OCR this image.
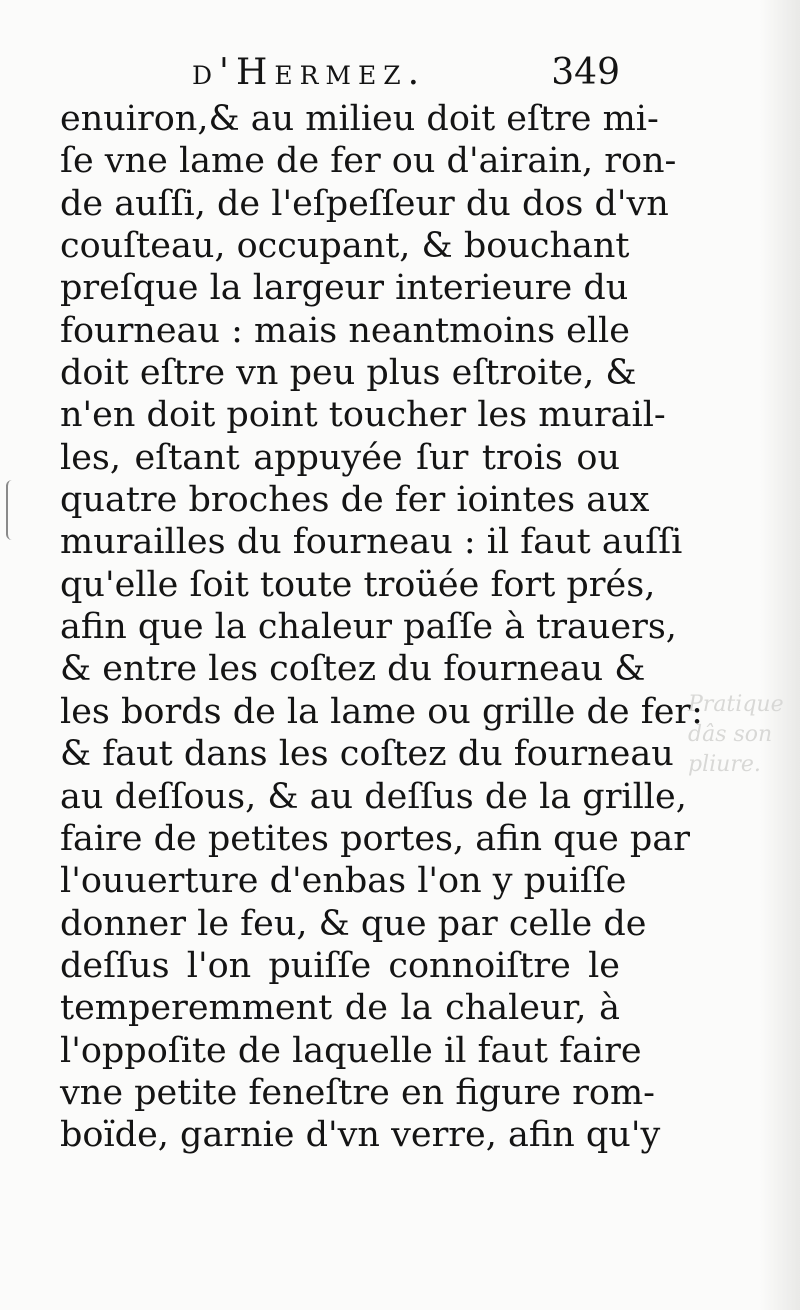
d'Hermez.	349
enuiron,& au milieu doit eſtre mi-
ſe vne lame de fer ou d'airain, ron-
de auſſi, de l'eſpeſſeur du dos d'vn
couſteau, occupant, & bouchant
preſque la largeur interieure du
fourneau : mais neantmoins elle
doit eſtre vn peu plus eſtroite, &
n'en doit point toucher les murail-
les, eſtant appuyée ſur trois ou
quatre broches de fer iointes aux
murailles du fourneau : il faut auſſi
qu'elle ſoit toute troüée fort prés,
afin que la chaleur paſſe à trauers,
& entre les coſtez du fourneau &
les bords de la lame ou grille de fer:
& faut dans les coſtez du fourneau
au deſſous, & au deſſus de la grille,
faire de petites portes, afin que par
l'ouuerture d'enbas l'on y puiſſe
donner le feu, & que par celle de
deſſus l'on puiſſe connoiſtre le
temperemment de la chaleur, à
l'oppoſite de laquelle il faut faire
vne petite feneſtre en figure rom-
boïde, garnie d'vn verre, afin qu'y
Pratique
dâs son
pliure.
